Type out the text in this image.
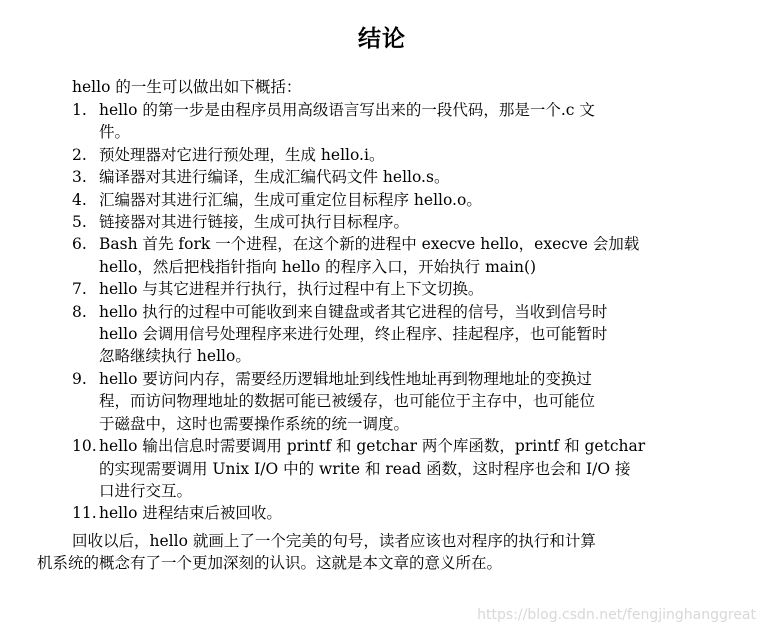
结论
hello 的一生可以做出如下概括：
1. hello 的第一步是由程序员用高级语言写出来的一段代码，那是一个.c 文
件。
2. 预处理器对它进行预处理，生成 hello.i。
3. 编译器对其进行编译，生成汇编代码文件 hello.s。
4. 汇编器对其进行汇编，生成可重定位目标程序 hello.o。
5. 链接器对其进行链接，生成可执行目标程序。
6. Bash 首先 fork 一个进程，在这个新的进程中 execve hello，execve 会加载
hello，然后把栈指针指向 hello 的程序入口，开始执行 main()
7. hello 与其它进程并行执行，执行过程中有上下文切换。
8. hello 执行的过程中可能收到来自键盘或者其它进程的信号，当收到信号时
hello 会调用信号处理程序来进行处理，终止程序、挂起程序，也可能暂时
忽略继续执行 hello。
9. hello 要访问内存，需要经历逻辑地址到线性地址再到物理地址的变换过
程，而访问物理地址的数据可能已被缓存，也可能位于主存中，也可能位
于磁盘中，这时也需要操作系统的统一调度。
10. hello 输出信息时需要调用 printf 和 getchar 两个库函数，printf 和 getchar
的实现需要调用 Unix I/O 中的 write 和 read 函数，这时程序也会和 I/O 接
口进行交互。
11. hello 进程结束后被回收。
回收以后，hello 就画上了一个完美的句号，读者应该也对程序的执行和计算
机系统的概念有了一个更加深刻的认识。这就是本文章的意义所在。
https://blog.csdn.net/fengjinghanggreat
